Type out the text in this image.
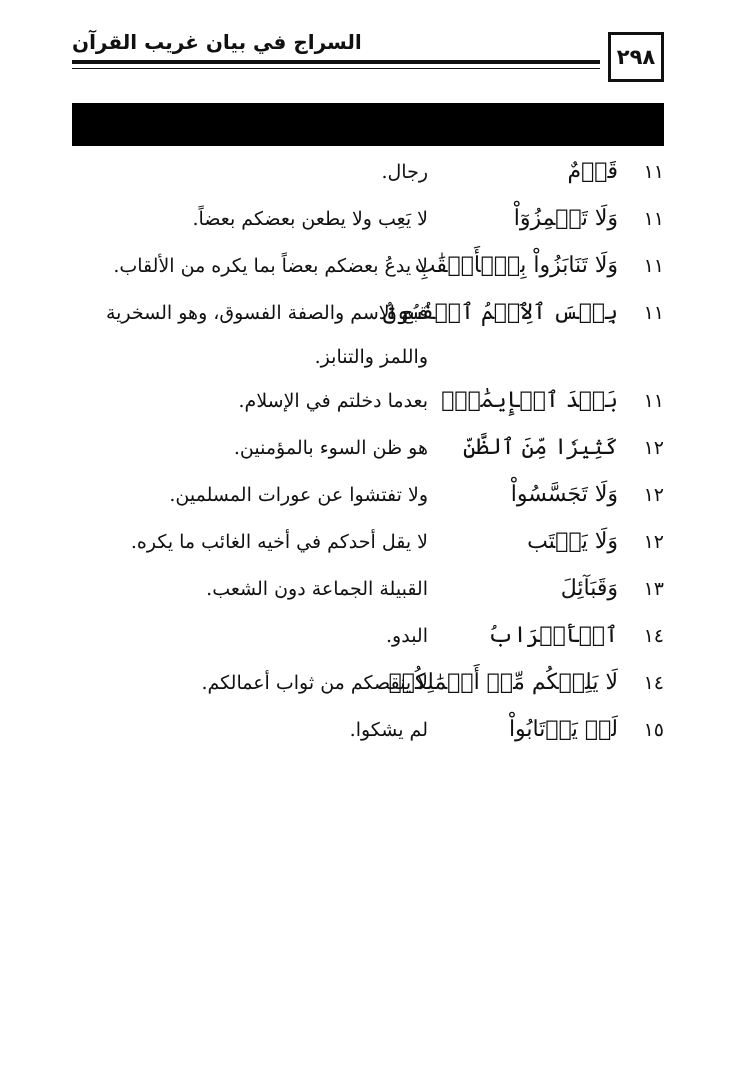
السراج في بيان غريب القرآن
٢٩٨
١١
قَوۡمٌ
رجال.
١١
وَلَا تَلۡمِزُوٓاْ
لا يَعِب ولا يطعن بعضكم بعضاً.
١١
وَلَا تَنَابَزُواْ بِٱلۡأَلۡقَٰبِ
لا يدعُ بعضكم بعضاً بما يكره من الألقاب.
١١
بِئۡسَ ٱلِٱسۡمُ ٱلۡفُسُوقُ
قبح الاسم والصفة الفسوق، وهو السخرية واللمز والتنابز.
١١
بَعۡدَ ٱلۡإِيمَٰنِۚ
بعدما دخلتم في الإسلام.
١٢
كَثِيرٗا مِّنَ ٱلظَّنِّ
هو ظن السوء بالمؤمنين.
١٢
وَلَا تَجَسَّسُواْ
ولا تفتشوا عن عورات المسلمين.
١٢
وَلَا يَغۡتَب
لا يقل أحدكم في أخيه الغائب ما يكره.
١٣
وَقَبَآئِلَ
القبيلة الجماعة دون الشعب.
١٤
ٱلۡأَعۡرَابُ
البدو.
١٤
لَا يَلِتۡكُم مِّنۡ أَعۡمَٰلِكُمۡ
لا ينقصكم من ثواب أعمالكم.
١٥
لَمۡ يَرۡتَابُواْ
لم يشكوا.
